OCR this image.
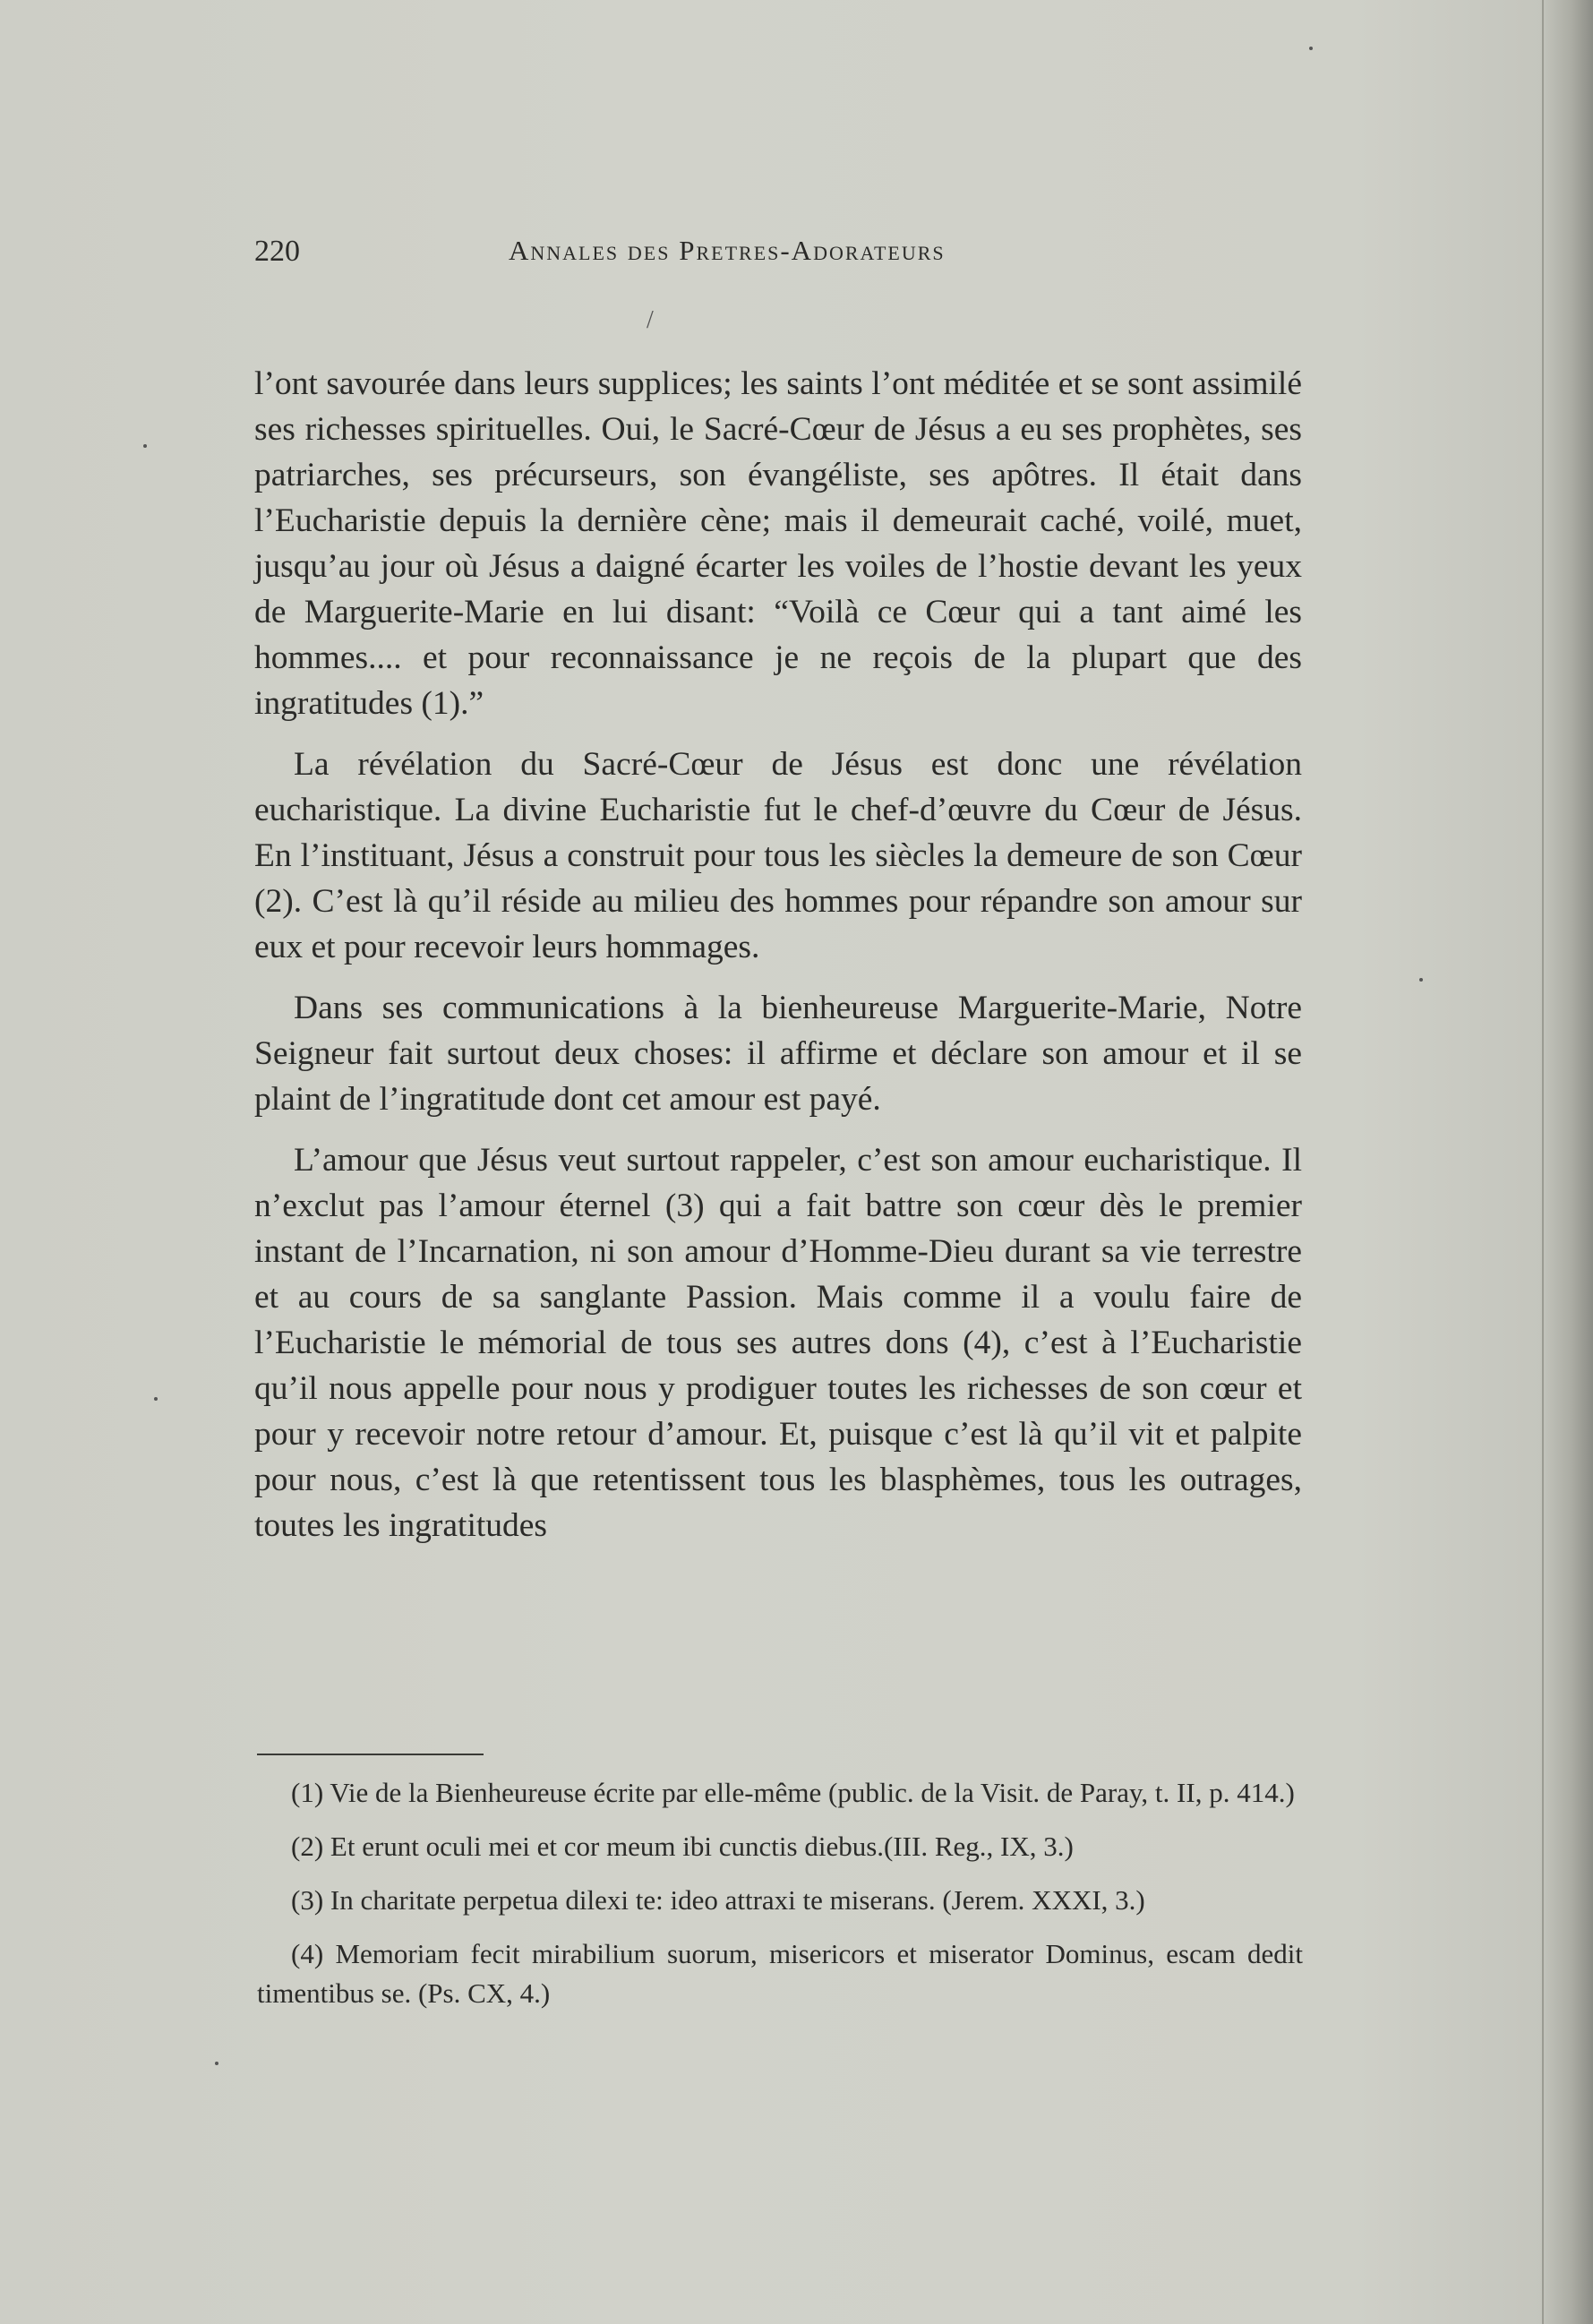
220	Annales des Pretres-Adorateurs
/

l’ont savourée dans leurs supplices; les saints l’ont méditée et se sont assimilé ses richesses spirituelles. Oui, le Sacré-Cœur de Jésus a eu ses prophètes, ses patriarches, ses précurseurs, son évangéliste, ses apôtres. Il était dans l’Eucharistie depuis la dernière cène; mais il demeurait caché, voilé, muet, jusqu’au jour où Jésus a daigné écarter les voiles de l’hostie devant les yeux de Marguerite-Marie en lui disant: “Voilà ce Cœur qui a tant aimé les hommes.... et pour reconnaissance je ne reçois de la plupart que des ingratitudes (1).”

La révélation du Sacré-Cœur de Jésus est donc une révélation eucharistique. La divine Eucharistie fut le chef-d’œuvre du Cœur de Jésus. En l’instituant, Jésus a construit pour tous les siècles la demeure de son Cœur (2). C’est là qu’il réside au milieu des hommes pour répandre son amour sur eux et pour recevoir leurs hommages.

Dans ses communications à la bienheureuse Marguerite-Marie, Notre Seigneur fait surtout deux choses: il affirme et déclare son amour et il se plaint de l’ingratitude dont cet amour est payé.

L’amour que Jésus veut surtout rappeler, c’est son amour eucharistique. Il n’exclut pas l’amour éternel (3) qui a fait battre son cœur dès le premier instant de l’Incarnation, ni son amour d’Homme-Dieu durant sa vie terrestre et au cours de sa sanglante Passion. Mais comme il a voulu faire de l’Eucharistie le mémorial de tous ses autres dons (4), c’est à l’Eucharistie qu’il nous appelle pour nous y prodiguer toutes les richesses de son cœur et pour y recevoir notre retour d’amour. Et, puisque c’est là qu’il vit et palpite pour nous, c’est là que retentissent tous les blasphèmes, tous les outrages, toutes les ingratitudes

(1) Vie de la Bienheureuse écrite par elle-même (public. de la Visit. de Paray, t. II, p. 414.)

(2) Et erunt oculi mei et cor meum ibi cunctis diebus.(III. Reg., IX, 3.)

(3) In charitate perpetua dilexi te: ideo attraxi te miserans. (Jerem. XXXI, 3.)

(4) Memoriam fecit mirabilium suorum, misericors et miserator Dominus, escam dedit timentibus se. (Ps. CX, 4.)
